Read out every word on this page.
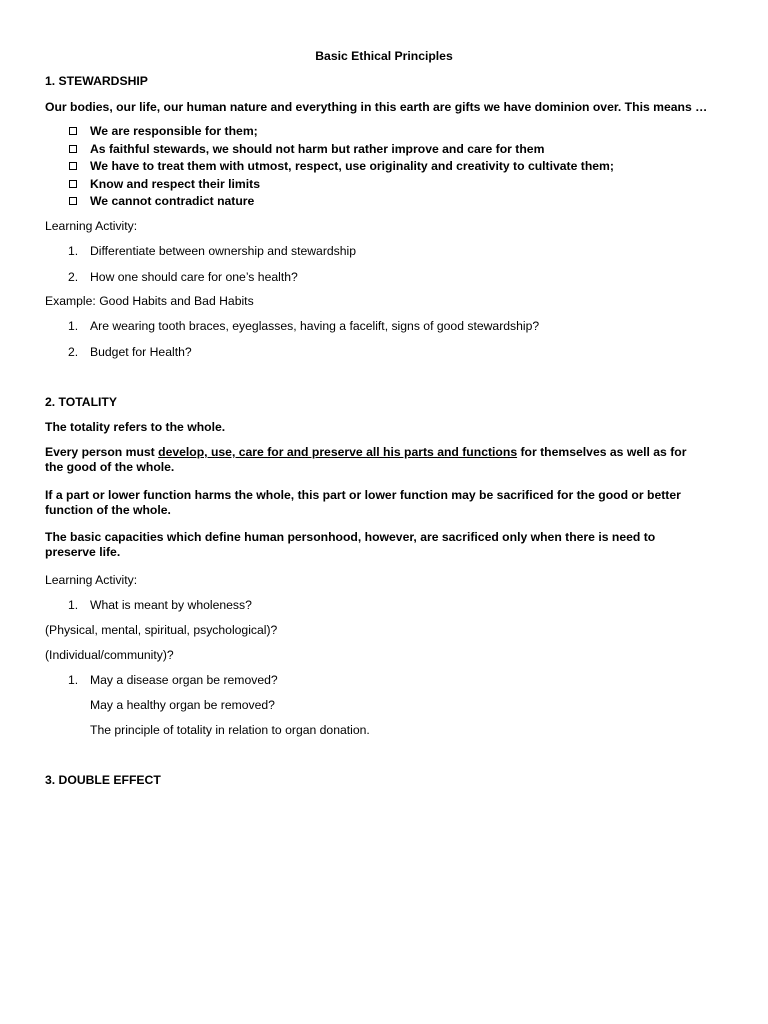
Basic Ethical Principles
1. STEWARDSHIP
Our bodies, our life, our human nature and everything in this earth are gifts we have dominion over. This means …
We are responsible for them;
As faithful stewards, we should not harm but rather improve and care for them
We have to treat them with utmost, respect, use originality and creativity to cultivate them;
Know and respect their limits
We cannot contradict nature
Learning Activity:
1. Differentiate between ownership and stewardship
2. How one should care for one’s health?
Example: Good Habits and Bad Habits
1. Are wearing tooth braces, eyeglasses, having a facelift, signs of good stewardship?
2. Budget for Health?
2. TOTALITY
The totality refers to the whole.
Every person must develop, use, care for and preserve all his parts and functions for themselves as well as for the good of the whole.
If a part or lower function harms the whole, this part or lower function may be sacrificed for the good or better function of the whole.
The basic capacities which define human personhood, however, are sacrificed only when there is need to preserve life.
Learning Activity:
1. What is meant by wholeness?
(Physical, mental, spiritual, psychological)?
(Individual/community)?
1. May a disease organ be removed?
May a healthy organ be removed?
The principle of totality in relation to organ donation.
3. DOUBLE EFFECT
